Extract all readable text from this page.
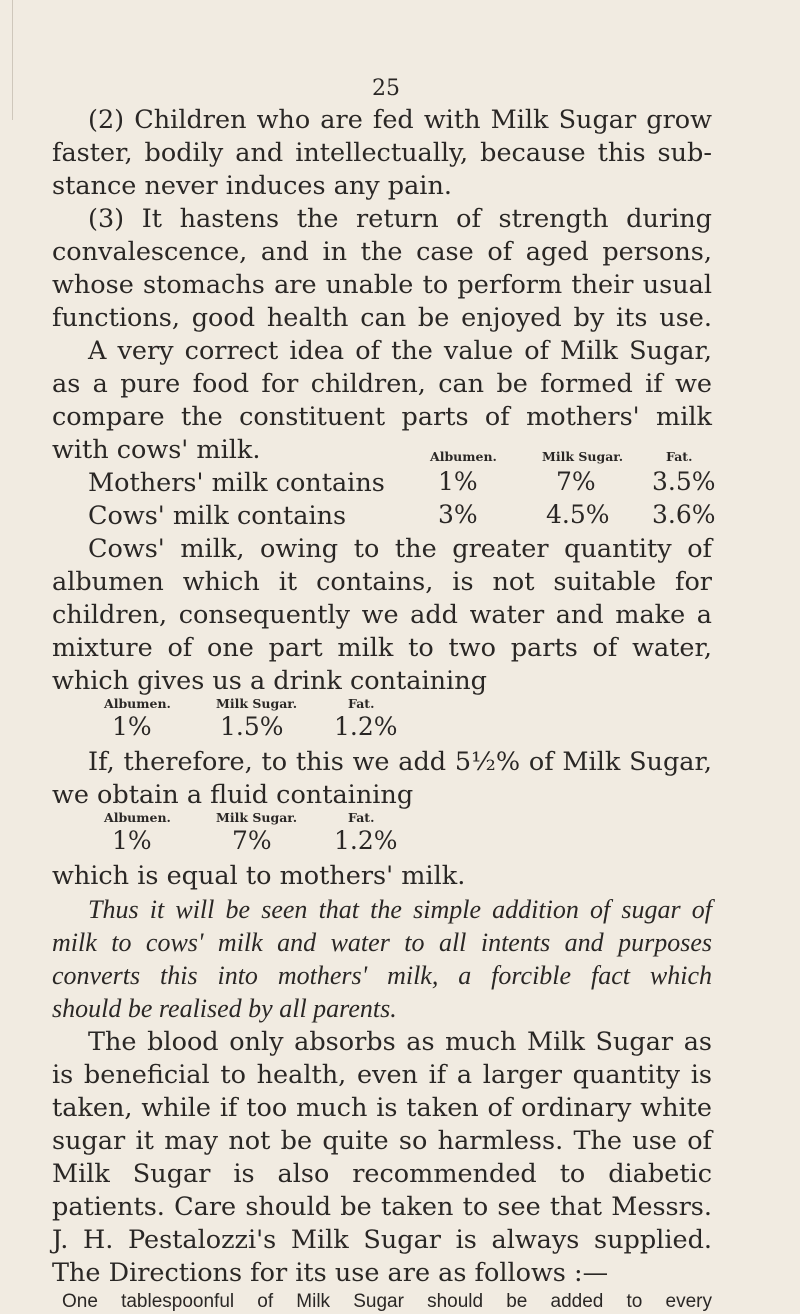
25
(2) Children who are fed with Milk Sugar grow
faster, bodily and intellectually, because this sub-
stance never induces any pain.
(3) It hastens the return of strength during
convalescence, and in the case of aged persons,
whose stomachs are unable to perform their usual
functions, good health can be enjoyed by its use.
A very correct idea of the value of Milk Sugar,
as a pure food for children, can be formed if we
compare the constituent parts of mothers' milk
with cows' milk.	Albumen.	Milk Sugar.	Fat.
Mothers' milk contains 1%	7% 3.5%
Cows' milk contains	3%	4.5% 3.6%
Cows' milk, owing to the greater quantity of
albumen which it contains, is not suitable for
children, consequently we add water and make a
mixture of one part milk to two parts of water,
which gives us a drink containing
Albumen.	Milk Sugar.	Fat.
1%	1.5% 1.2%
If, therefore, to this we add 5½% of Milk Sugar,
we obtain a fluid containing
Albumen.	Milk Sugar.	Fat.
1%	7% 1.2%
which is equal to mothers' milk.
Thus it will be seen that the simple addition of sugar of
milk to cows' milk and water to all intents and purposes
converts this into mothers' milk, a forcible fact which
should be realised by all parents.
The blood only absorbs as much Milk Sugar as
is beneficial to health, even if a larger quantity is
taken, while if too much is taken of ordinary white
sugar it may not be quite so harmless. The use of
Milk Sugar is also recommended to diabetic
patients. Care should be taken to see that Messrs.
J. H. Pestalozzi's Milk Sugar is always supplied.
The Directions for its use are as follows :—
One tablespoonful of Milk Sugar should be added to every
